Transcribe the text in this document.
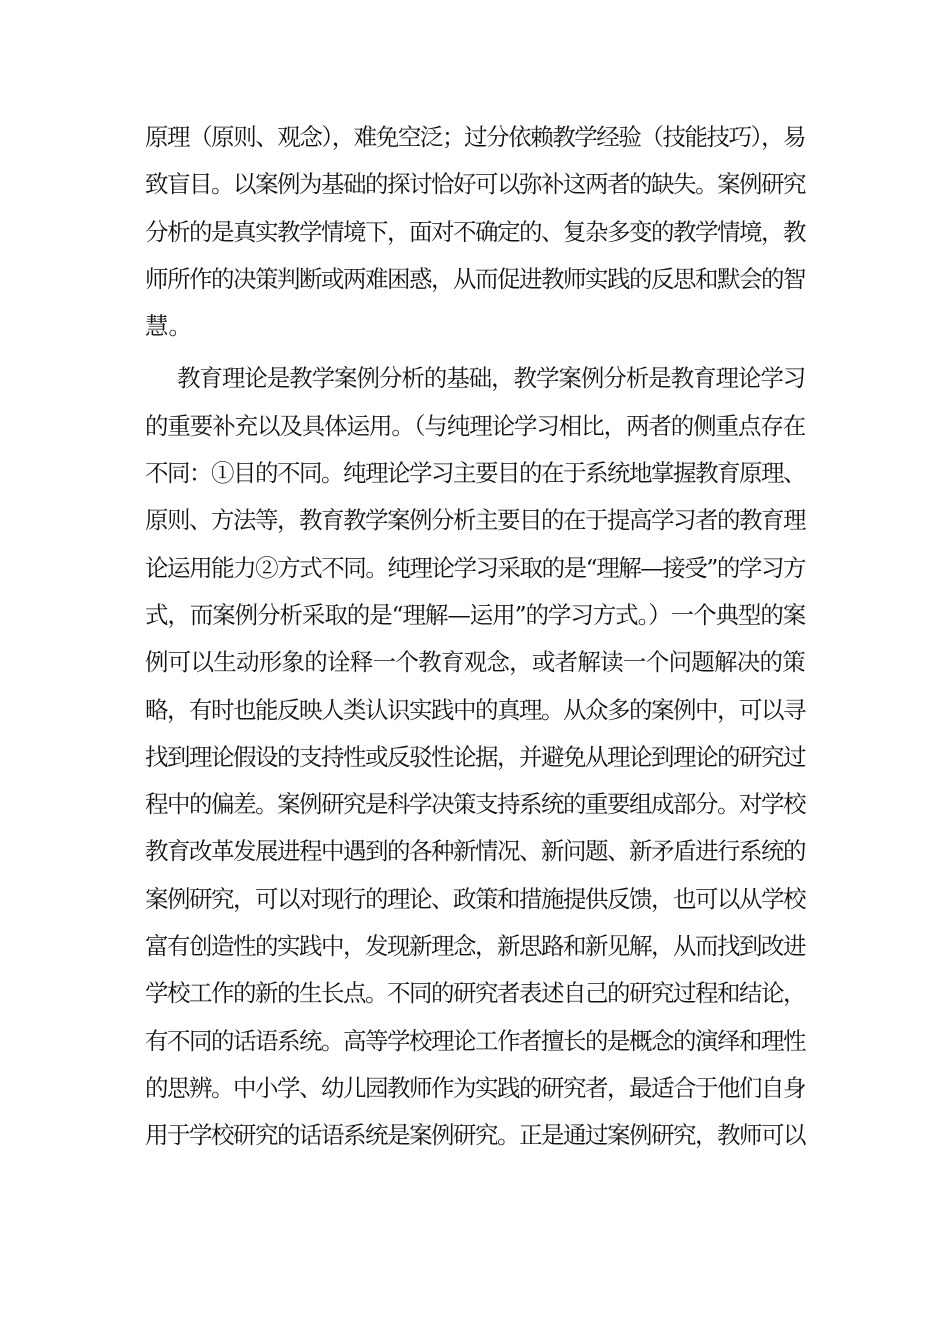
原理（原则、观念），难免空泛；过分依赖教学经验（技能技巧），易
致盲目。以案例为基础的探讨恰好可以弥补这两者的缺失。案例研究
分析的是真实教学情境下，面对不确定的、复杂多变的教学情境，教
师所作的决策判断或两难困惑，从而促进教师实践的反思和默会的智
慧。
教育理论是教学案例分析的基础，教学案例分析是教育理论学习
的重要补充以及具体运用。（与纯理论学习相比，两者的侧重点存在
不同：①目的不同。纯理论学习主要目的在于系统地掌握教育原理、
原则、方法等，教育教学案例分析主要目的在于提高学习者的教育理
论运用能力②方式不同。纯理论学习采取的是“理解—接受”的学习方
式，而案例分析采取的是“理解—运用”的学习方式。）一个典型的案
例可以生动形象的诠释一个教育观念，或者解读一个问题解决的策
略，有时也能反映人类认识实践中的真理。从众多的案例中，可以寻
找到理论假设的支持性或反驳性论据，并避免从理论到理论的研究过
程中的偏差。案例研究是科学决策支持系统的重要组成部分。对学校
教育改革发展进程中遇到的各种新情况、新问题、新矛盾进行系统的
案例研究，可以对现行的理论、政策和措施提供反馈，也可以从学校
富有创造性的实践中，发现新理念，新思路和新见解，从而找到改进
学校工作的新的生长点。不同的研究者表述自己的研究过程和结论，
有不同的话语系统。高等学校理论工作者擅长的是概念的演绎和理性
的思辨。中小学、幼儿园教师作为实践的研究者，最适合于他们自身
用于学校研究的话语系统是案例研究。正是通过案例研究，教师可以
